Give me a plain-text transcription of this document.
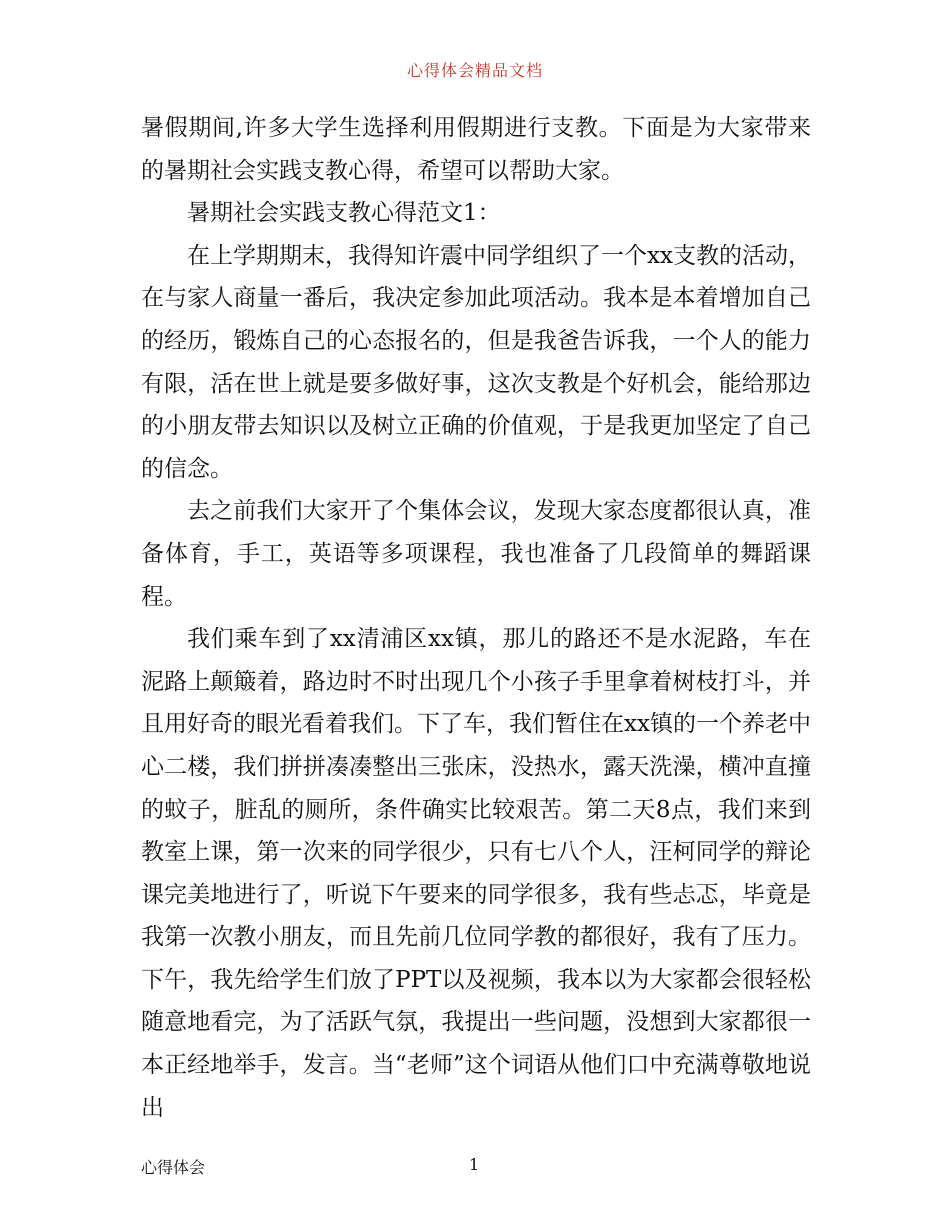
心得体会精品文档

暑假期间,许多大学生选择利用假期进行支教。下面是为大家带来的暑期社会实践支教心得，希望可以帮助大家。

暑期社会实践支教心得范文1：

在上学期期末，我得知许震中同学组织了一个xx支教的活动，在与家人商量一番后，我决定参加此项活动。我本是本着增加自己的经历，锻炼自己的心态报名的，但是我爸告诉我，一个人的能力有限，活在世上就是要多做好事，这次支教是个好机会，能给那边的小朋友带去知识以及树立正确的价值观，于是我更加坚定了自己的信念。

去之前我们大家开了个集体会议，发现大家态度都很认真，准备体育，手工，英语等多项课程，我也准备了几段简单的舞蹈课程。

我们乘车到了xx清浦区xx镇，那儿的路还不是水泥路，车在泥路上颠簸着，路边时不时出现几个小孩子手里拿着树枝打斗，并且用好奇的眼光看着我们。下了车，我们暂住在xx镇的一个养老中心二楼，我们拼拼凑凑整出三张床，没热水，露天洗澡，横冲直撞的蚊子，脏乱的厕所，条件确实比较艰苦。第二天8点，我们来到教室上课，第一次来的同学很少，只有七八个人，汪柯同学的辩论课完美地进行了，听说下午要来的同学很多，我有些忐忑，毕竟是我第一次教小朋友，而且先前几位同学教的都很好，我有了压力。下午，我先给学生们放了PPT以及视频，我本以为大家都会很轻松随意地看完，为了活跃气氛，我提出一些问题，没想到大家都很一本正经地举手，发言。当“老师”这个词语从他们口中充满尊敬地说出

心得体会	1
